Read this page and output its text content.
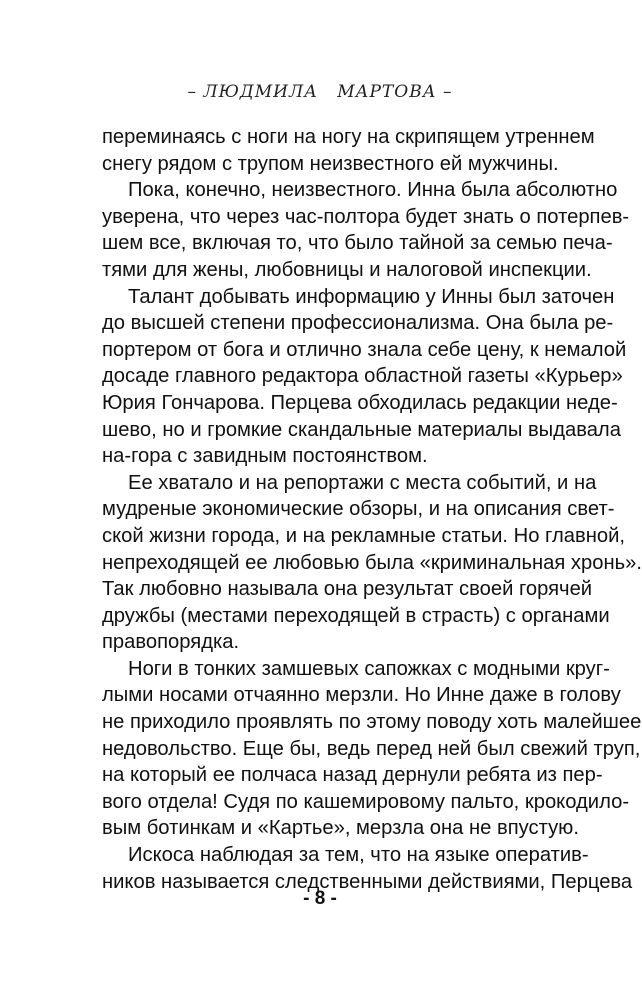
– ЛЮДМИЛА   МАРТОВА –
переминаясь с ноги на ногу на скрипящем утреннем
снегу рядом с трупом неизвестного ей мужчины.
Пока, конечно, неизвестного. Инна была абсолютно
уверена, что через час-полтора будет знать о потерпев-
шем все, включая то, что было тайной за семью печа-
тями для жены, любовницы и налоговой инспекции.
Талант добывать информацию у Инны был заточен
до высшей степени профессионализма. Она была ре-
портером от бога и отлично знала себе цену, к немалой
досаде главного редактора областной газеты «Курьер»
Юрия Гончарова. Перцева обходилась редакции недe-
шево, но и громкие скандальные материалы выдавала
на-гора с завидным постоянством.
Ее хватало и на репортажи с места событий, и на
мудреные экономические обзоры, и на описания свет-
ской жизни города, и на рекламные статьи. Но главной,
непреходящей ее любовью была «криминальная хронь».
Так любовно называла она результат своей горячей
дружбы (местами переходящей в страсть) с органами
правопорядка.
Ноги в тонких замшевых сапожках с модными круг-
лыми носами отчаянно мерзли. Но Инне даже в голову
не приходило проявлять по этому поводу хоть малейшее
недовольство. Еще бы, ведь перед ней был свежий труп,
на который ее полчаса назад дернули ребята из пер-
вого отдела! Судя по кашемировому пальто, крокодило-
вым ботинкам и «Картье», мерзла она не впустую.
Искоса наблюдая за тем, что на языке оператив-
ников называется следственными действиями, Перцева
- 8 -
